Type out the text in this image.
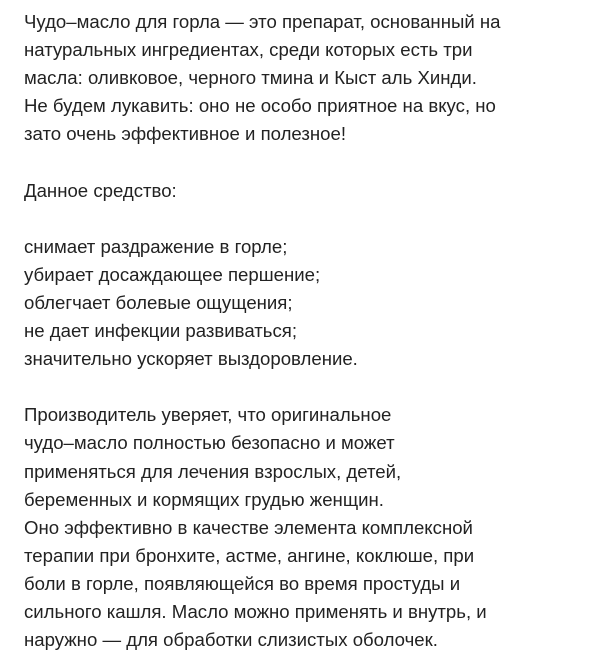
Чудо–масло для горла — это препарат, основанный на
натуральных ингредиентах, среди которых есть три
масла: оливковое, черного тмина и Кыст аль Хинди.
Не будем лукавить: оно не особо приятное на вкус, но
зато очень эффективное и полезное!
Данное средство:
снимает раздражение в горле;
убирает досаждающее першение;
облегчает болевые ощущения;
не дает инфекции развиваться;
значительно ускоряет выздоровление.
Производитель уверяет, что оригинальное
чудо–масло полностью безопасно и может
применяться для лечения взрослых, детей,
беременных и кормящих грудью женщин.
Оно эффективно в качестве элемента комплексной
терапии при бронхите, астме, ангине, коклюше, при
боли в горле, появляющейся во время простуды и
сильного кашля. Масло можно применять и внутрь, и
наружно — для обработки слизистых оболочек.
